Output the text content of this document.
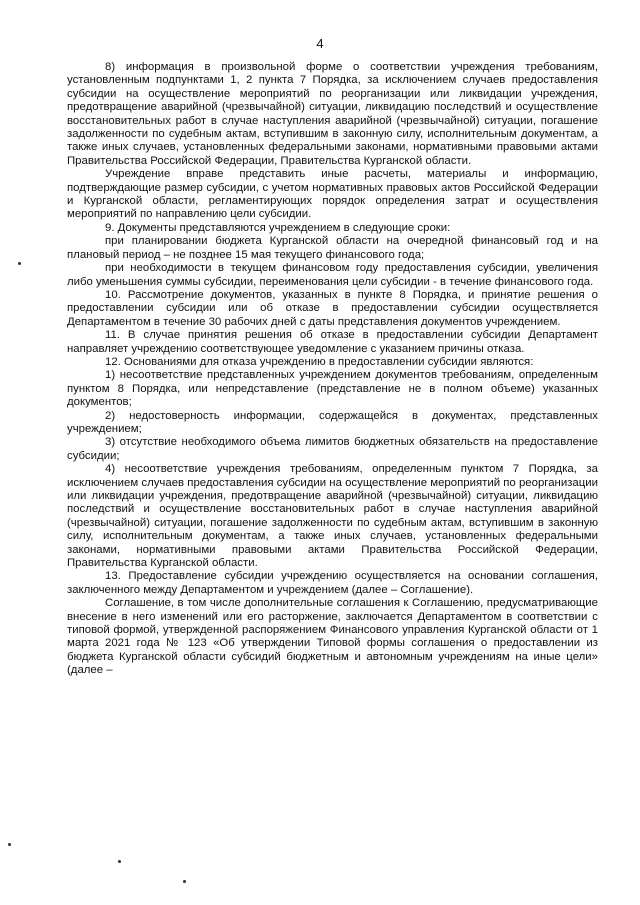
4

8) информация в произвольной форме о соответствии учреждения требованиям, установленным подпунктами 1, 2 пункта 7 Порядка, за исключением случаев предоставления субсидии на осуществление мероприятий по реорганизации или ликвидации учреждения, предотвращение аварийной (чрезвычайной) ситуации, ликвидацию последствий и осуществление восстановительных работ в случае наступления аварийной (чрезвычайной) ситуации, погашение задолженности по судебным актам, вступившим в законную силу, исполнительным документам, а также иных случаев, установленных федеральными законами, нормативными правовыми актами Правительства Российской Федерации, Правительства Курганской области.

Учреждение вправе представить иные расчеты, материалы и информацию, подтверждающие размер субсидии, с учетом нормативных правовых актов Российской Федерации и Курганской области, регламентирующих порядок определения затрат и осуществления мероприятий по направлению цели субсидии.

9. Документы представляются учреждением в следующие сроки:

при планировании бюджета Курганской области на очередной финансовый год и на плановый период – не позднее 15 мая текущего финансового года;

при необходимости в текущем финансовом году предоставления субсидии, увеличения либо уменьшения суммы субсидии, переименования цели субсидии - в течение финансового года.

10. Рассмотрение документов, указанных в пункте 8 Порядка, и принятие решения о предоставлении субсидии или об отказе в предоставлении субсидии осуществляется Департаментом в течение 30 рабочих дней с даты представления документов учреждением.

11. В случае принятия решения об отказе в предоставлении субсидии Департамент направляет учреждению соответствующее уведомление с указанием причины отказа.

12. Основаниями для отказа учреждению в предоставлении субсидии являются:

1) несоответствие представленных учреждением документов требованиям, определенным пунктом 8 Порядка, или непредставление (представление не в полном объеме) указанных документов;

2) недостоверность информации, содержащейся в документах, представленных учреждением;

3) отсутствие необходимого объема лимитов бюджетных обязательств на предоставление субсидии;

4) несоответствие учреждения требованиям, определенным пунктом 7 Порядка, за исключением случаев предоставления субсидии на осуществление мероприятий по реорганизации или ликвидации учреждения, предотвращение аварийной (чрезвычайной) ситуации, ликвидацию последствий и осуществление восстановительных работ в случае наступления аварийной (чрезвычайной) ситуации, погашение задолженности по судебным актам, вступившим в законную силу, исполнительным документам, а также иных случаев, установленных федеральными законами, нормативными правовыми актами Правительства Российской Федерации, Правительства Курганской области.

13. Предоставление субсидии учреждению осуществляется на основании соглашения, заключенного между Департаментом и учреждением (далее – Соглашение).

Соглашение, в том числе дополнительные соглашения к Соглашению, предусматривающие внесение в него изменений или его расторжение, заключается Департаментом в соответствии с типовой формой, утвержденной распоряжением Финансового управления Курганской области от 1 марта 2021 года № 123 «Об утверждении Типовой формы соглашения о предоставлении из бюджета Курганской области субсидий бюджетным и автономным учреждениям на иные цели» (далее –
